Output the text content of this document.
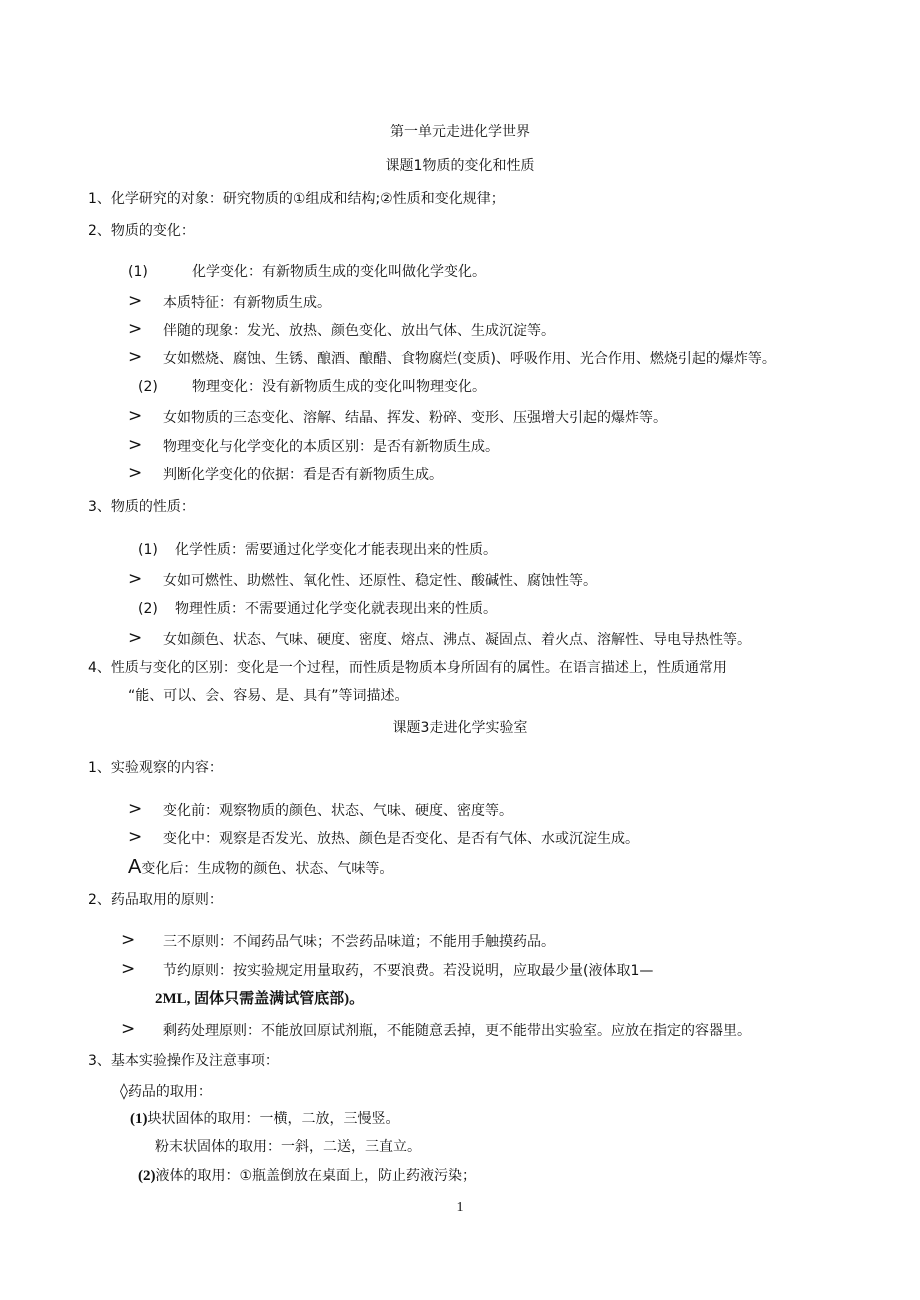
第一单元走进化学世界
课题1物质的变化和性质
1、化学研究的对象：研究物质的①组成和结构;②性质和变化规律；
2、物质的变化：
(1)	化学变化：有新物质生成的变化叫做化学变化。
> 本质特征：有新物质生成。
> 伴随的现象：发光、放热、颜色变化、放出气体、生成沉淀等。
> 女如燃烧、腐蚀、生锈、酿酒、酿醋、食物腐烂(变质)、呼吸作用、光合作用、燃烧引起的爆炸等。
(2) 物理变化：没有新物质生成的变化叫物理变化。
> 女如物质的三态变化、溶解、结晶、挥发、粉碎、变形、压强增大引起的爆炸等。
> 物理变化与化学变化的本质区别：是否有新物质生成。
> 判断化学变化的依据：看是否有新物质生成。
3、物质的性质：
(1) 化学性质：需要通过化学变化才能表现出来的性质。
> 女如可燃性、助燃性、氧化性、还原性、稳定性、酸碱性、腐蚀性等。
(2) 物理性质：不需要通过化学变化就表现出来的性质。
> 女如颜色、状态、气味、硬度、密度、熔点、沸点、凝固点、着火点、溶解性、导电导热性等。
4、性质与变化的区别：变化是一个过程，而性质是物质本身所固有的属性。在语言描述上，性质通常用
“能、可以、会、容易、是、具有”等词描述。
课题3走进化学实验室
1、实验观察的内容：
> 变化前：观察物质的颜色、状态、气味、硬度、密度等。
> 变化中：观察是否发光、放热、颜色是否变化、是否有气体、水或沉淀生成。
A变化后：生成物的颜色、状态、气味等。
2、药品取用的原则：
> 三不原则：不闻药品气味；不尝药品味道；不能用手触摸药品。
> 节约原则：按实验规定用量取药，不要浪费。若没说明，应取最少量(液体取1—
2ML, 固体只需盖满试管底部)。
> 剩药处理原则：不能放回原试剂瓶，不能随意丢掉，更不能带出实验室。应放在指定的容器里。
3、基本实验操作及注意事项：
◊药品的取用：
(1)块状固体的取用：一横，二放，三慢竖。
粉末状固体的取用：一斜，二送，三直立。
(2)液体的取用：①瓶盖倒放在桌面上，防止药液污染；
1
